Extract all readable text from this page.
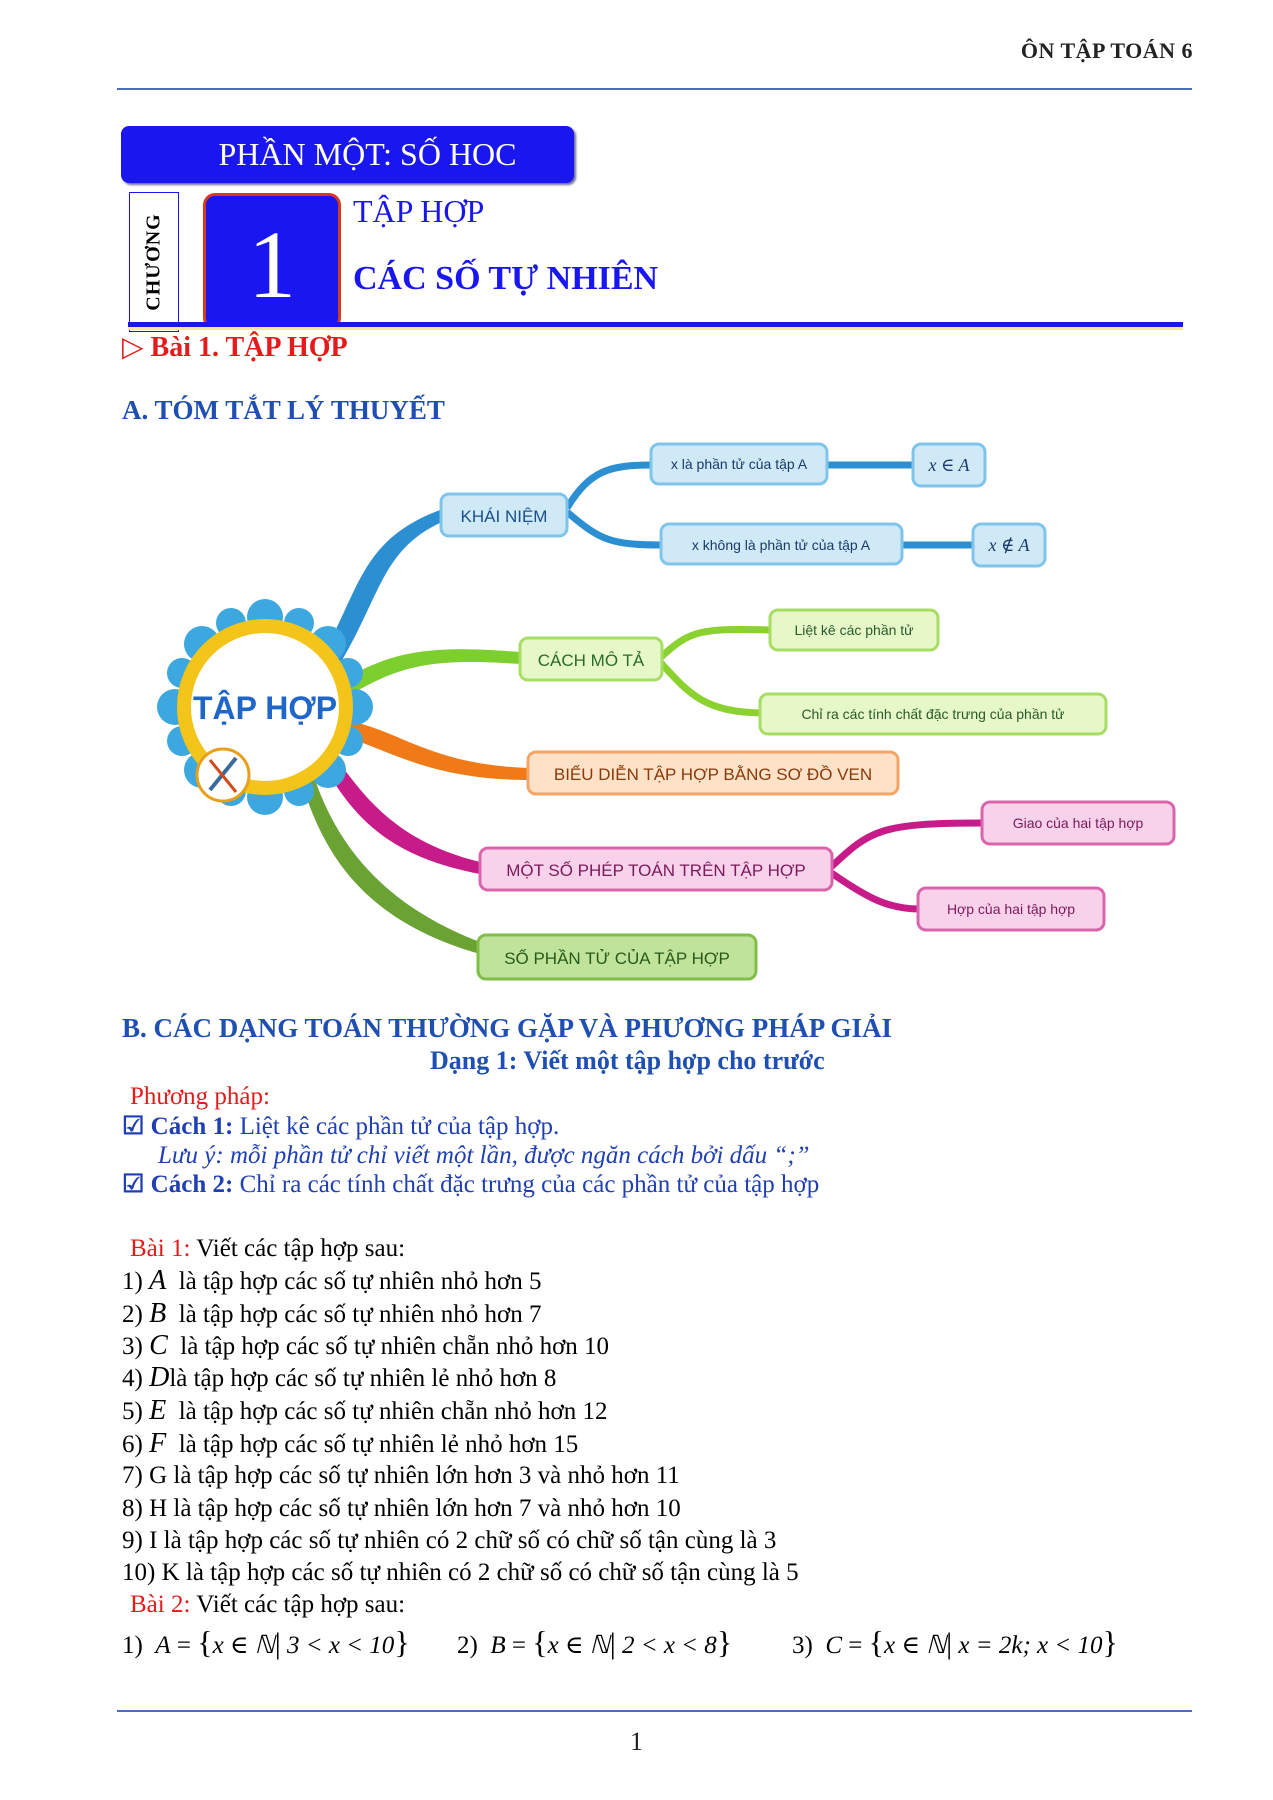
ÔN TẬP TOÁN 6
PHẦN MỘT: SỐ HOC
CHƯƠNG 1	TẬP HỢP
CÁC SỐ TỰ NHIÊN
▷ Bài 1. TẬP HỢP
A. TÓM TẮT LÝ THUYẾT
TẬP HỢP
KHÁI NIỆM
x là phần tử của tập A	x ∈ A
x không là phần tử của tập A	x ∉ A
CÁCH MÔ TẢ
Liệt kê các phần tử
Chỉ ra các tính chất đặc trưng của phần tử
BIỂU DIỄN TẬP HỢP BẰNG SƠ ĐỒ VEN
MỘT SỐ PHÉP TOÁN TRÊN TẬP HỢP
Giao của hai tập hợp
Hợp của hai tập hợp
SỐ PHẦN TỬ CỦA TẬP HỢP
B. CÁC DẠNG TOÁN THƯỜNG GẶP VÀ PHƯƠNG PHÁP GIẢI
Dạng 1: Viết một tập hợp cho trước
Phương pháp:
☑ Cách 1: Liệt kê các phần tử của tập hợp.
Lưu ý: mỗi phần tử chỉ viết một lần, được ngăn cách bởi dấu “;”
☑ Cách 2: Chỉ ra các tính chất đặc trưng của các phần tử của tập hợp
Bài 1: Viết các tập hợp sau:
1) A là tập hợp các số tự nhiên nhỏ hơn 5
2) B là tập hợp các số tự nhiên nhỏ hơn 7
3) C là tập hợp các số tự nhiên chẵn nhỏ hơn 10
4) Dlà tập hợp các số tự nhiên lẻ nhỏ hơn 8
5) E là tập hợp các số tự nhiên chẵn nhỏ hơn 12
6) F là tập hợp các số tự nhiên lẻ nhỏ hơn 15
7) G là tập hợp các số tự nhiên lớn hơn 3 và nhỏ hơn 11
8) H là tập hợp các số tự nhiên lớn hơn 7 và nhỏ hơn 10
9) I là tập hợp các số tự nhiên có 2 chữ số có chữ số tận cùng là 3
10) K là tập hợp các số tự nhiên có 2 chữ số có chữ số tận cùng là 5
Bài 2: Viết các tập hợp sau:
1) A = {x ∈ ℕ| 3 < x < 10} 2) B = {x ∈ ℕ| 2 < x < 8} 3) C = {x ∈ ℕ| x = 2k; x < 10}
1
